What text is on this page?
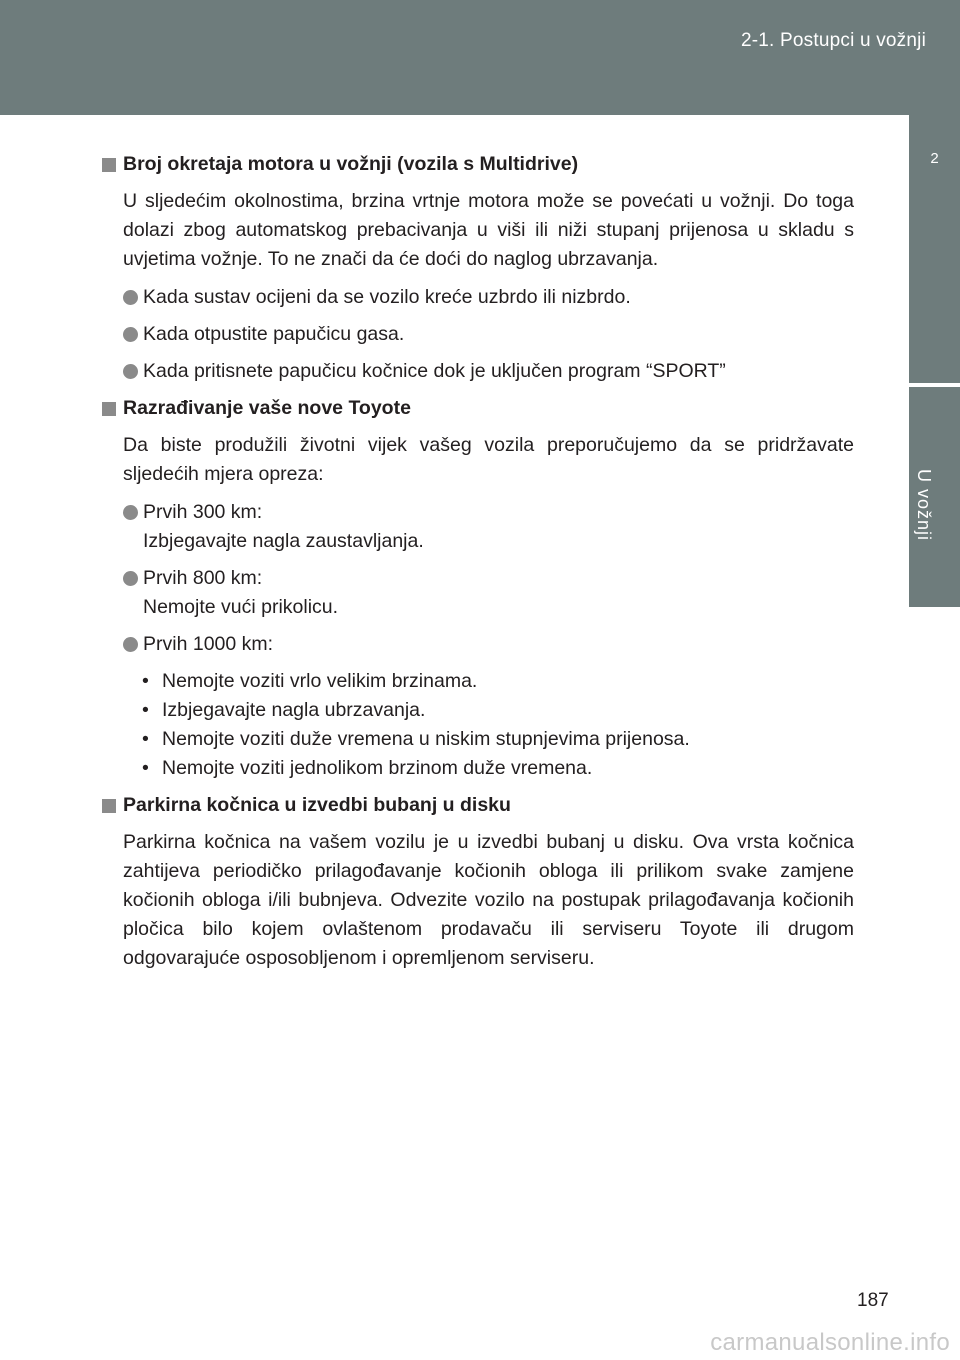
2-1. Postupci u vožnji
2
U vožnji
Broj okretaja motora u vožnji (vozila s Multidrive)

U sljedećim okolnostima, brzina vrtnje motora može se povećati u vožnji. Do toga dolazi zbog automatskog prebacivanja u viši ili niži stupanj prijenosa u skladu s uvjetima vožnje. To ne znači da će doći do naglog ubrzavanja.

Kada sustav ocijeni da se vozilo kreće uzbrdo ili nizbrdo.
Kada otpustite papučicu gasa.
Kada pritisnete papučicu kočnice dok je uključen program “SPORT”
Razrađivanje vaše nove Toyote

Da biste produžili životni vijek vašeg vozila preporučujemo da se pridržavate sljedećih mjera opreza:

Prvih 300 km:
Izbjegavajte nagla zaustavljanja.
Prvih 800 km:
Nemojte vući prikolicu.
Prvih 1000 km:
• Nemojte voziti vrlo velikim brzinama.
• Izbjegavajte nagla ubrzavanja.
• Nemojte voziti duže vremena u niskim stupnjevima prijenosa.
• Nemojte voziti jednolikom brzinom duže vremena.
Parkirna kočnica u izvedbi bubanj u disku

Parkirna kočnica na vašem vozilu je u izvedbi bubanj u disku. Ova vrsta kočnica zahtijeva periodičko prilagođavanje kočionih obloga ili prilikom svake zamjene kočionih obloga i/ili bubnjeva. Odvezite vozilo na postupak prilagođavanja kočionih pločica bilo kojem ovlaštenom prodavaču ili serviseru Toyote ili drugom odgovarajuće osposobljenom i opremljenom serviseru.

187
carmanualsonline.info
